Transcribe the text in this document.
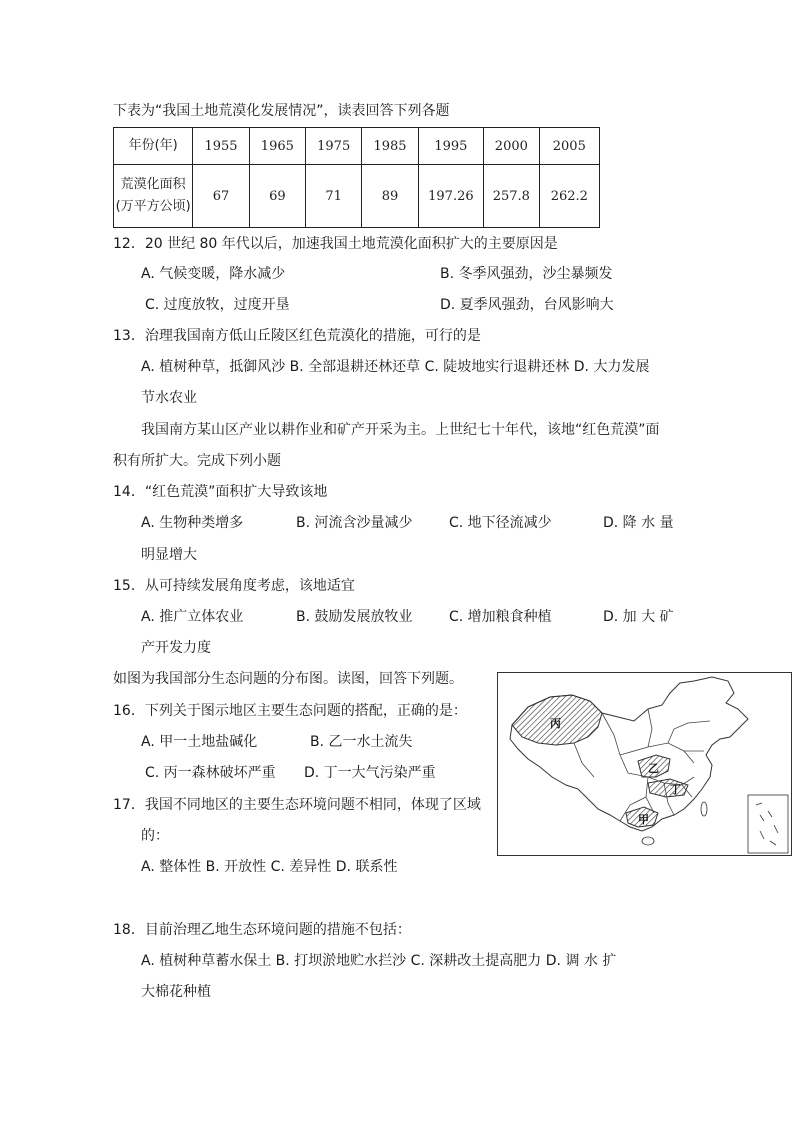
下表为“我国土地荒漠化发展情况”，读表回答下列各题
年份(年)	1955	1965	1975	1985	1995	2000	2005
荒漠化面积
(万平方公顷)	67	69	71	89	197.26	257.8	262.2
12．20 世纪 80 年代以后，加速我国土地荒漠化面积扩大的主要原因是
A. 气候变暖，降水减少	B. 冬季风强劲，沙尘暴频发
C. 过度放牧，过度开垦	D. 夏季风强劲，台风影响大
13．治理我国南方低山丘陵区红色荒漠化的措施，可行的是
A. 植树种草，抵御风沙 B. 全部退耕还林还草 C. 陡坡地实行退耕还林 D. 大力发展
节水农业
我国南方某山区产业以耕作业和矿产开采为主。上世纪七十年代，该地“红色荒漠”面
积有所扩大。完成下列小题
14．“红色荒漠”面积扩大导致该地
A. 生物种类增多	B. 河流含沙量减少	C. 地下径流减少	D. 降 水 量
明显增大
15．从可持续发展角度考虑，该地适宜
A. 推广立体农业	B. 鼓励发展放牧业	C. 增加粮食种植	D. 加 大 矿
产开发力度
如图为我国部分生态问题的分布图。读图，回答下列题。
16．下列关于图示地区主要生态问题的搭配，正确的是：
A. 甲一土地盐碱化	B. 乙一水土流失
C. 丙一森林破坏严重 D. 丁一大气污染严重
17．我国不同地区的主要生态环境问题不相同，体现了区域
的：
A. 整体性 B. 开放性 C. 差异性 D. 联系性
18．目前治理乙地生态环境问题的措施不包括：
A. 植树种草蓄水保土 B. 打坝淤地贮水拦沙 C. 深耕改土提高肥力 D. 调 水 扩
大棉花种植
丙
乙
丁
甲
